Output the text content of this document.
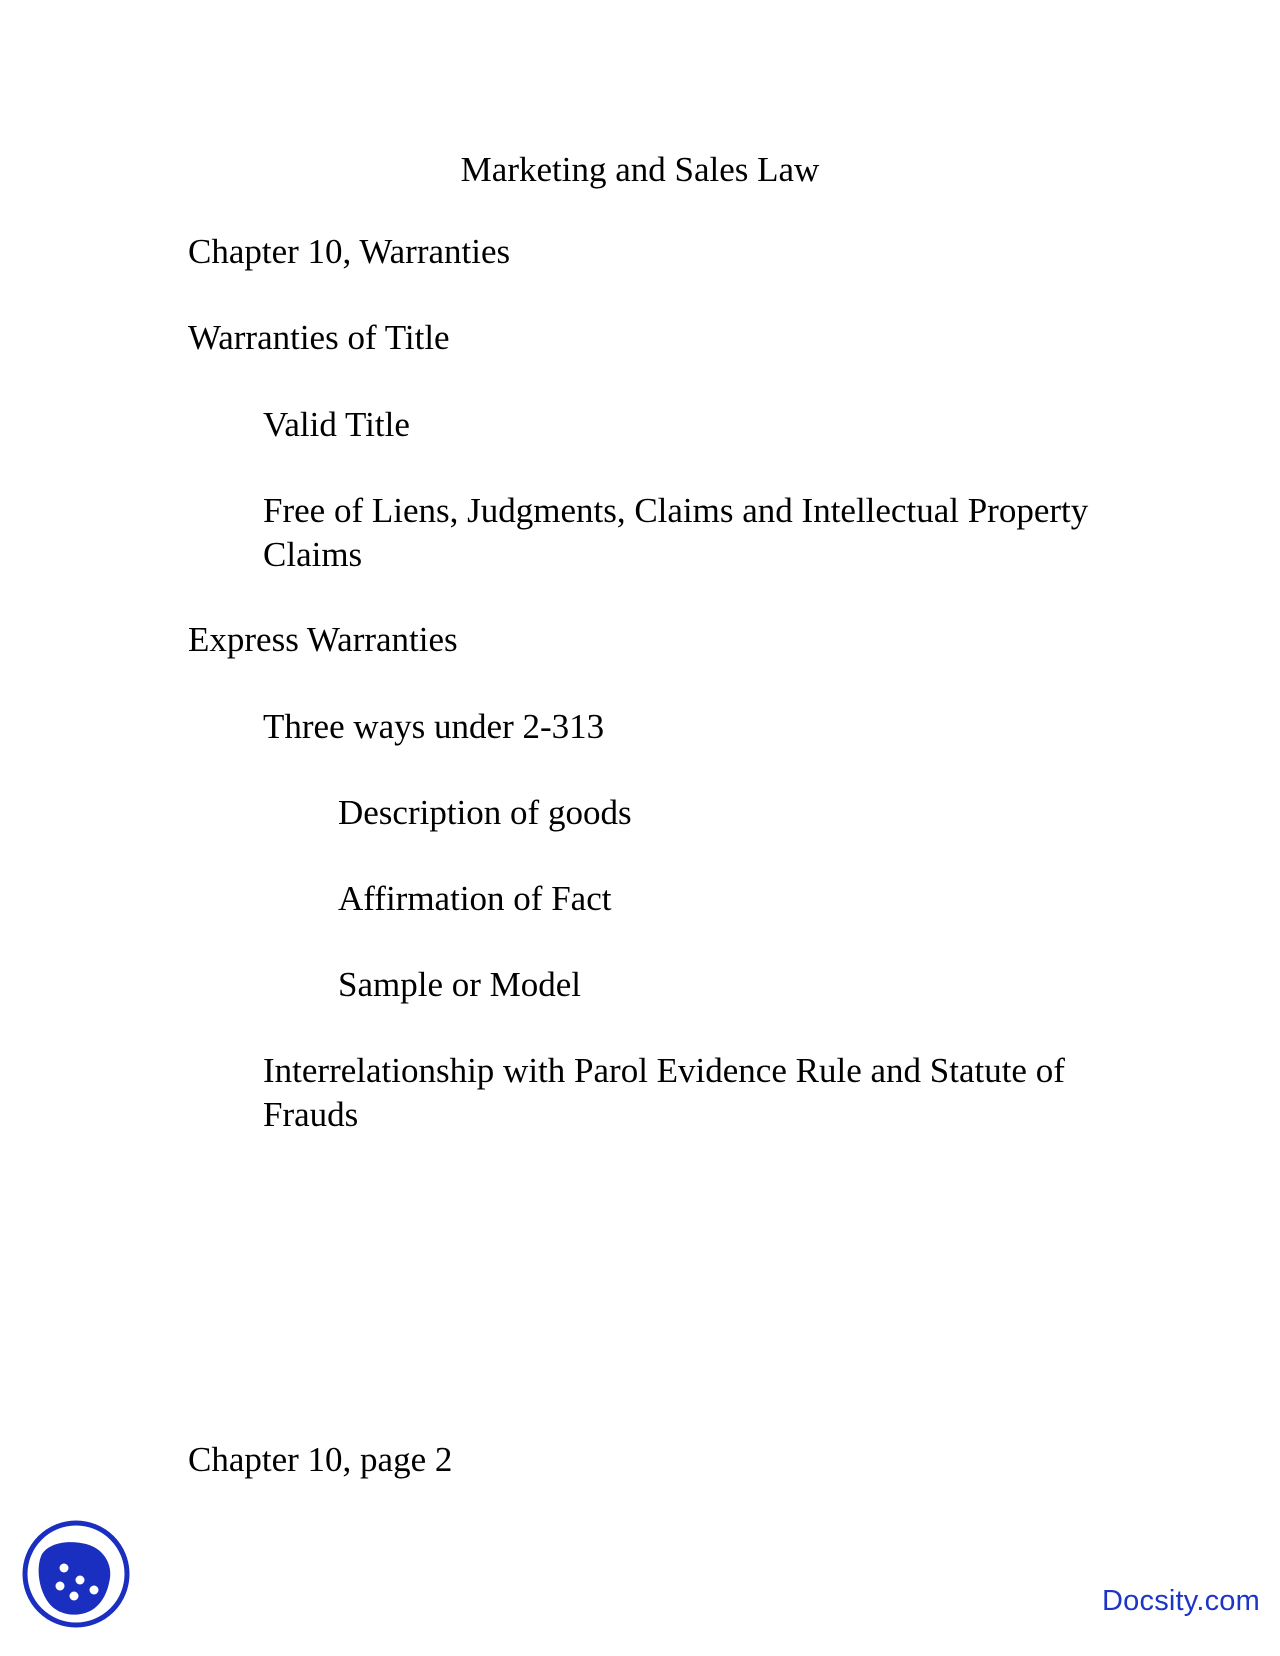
Marketing and Sales Law

Chapter 10, Warranties

Warranties of Title

Valid Title

Free of Liens, Judgments, Claims and Intellectual Property Claims

Express Warranties

Three ways under 2-313

Description of goods

Affirmation of Fact

Sample or Model

Interrelationship with Parol Evidence Rule and Statute of Frauds

Chapter 10, page 2

Docsity.com
